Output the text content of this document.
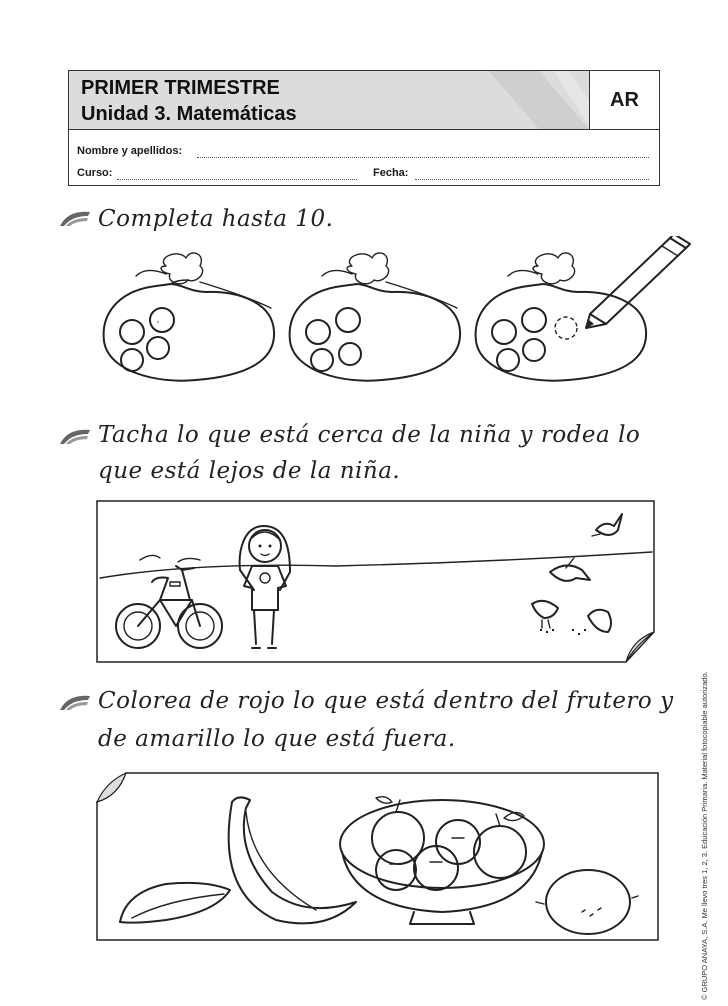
PRIMER TRIMESTRE
Unidad 3. Matemáticas
AR
Nombre y apellidos:
Curso:	Fecha:
Completa hasta 10.
Tacha lo que está cerca de la niña y rodea lo
que está lejos de la niña.
Colorea de rojo lo que está dentro del frutero y
de amarillo lo que está fuera.	© GRUPO ANAYA, S.A. Me llevo tres 1, 2, 3. Educación Primaria. Material fotocopiable autorizado.
